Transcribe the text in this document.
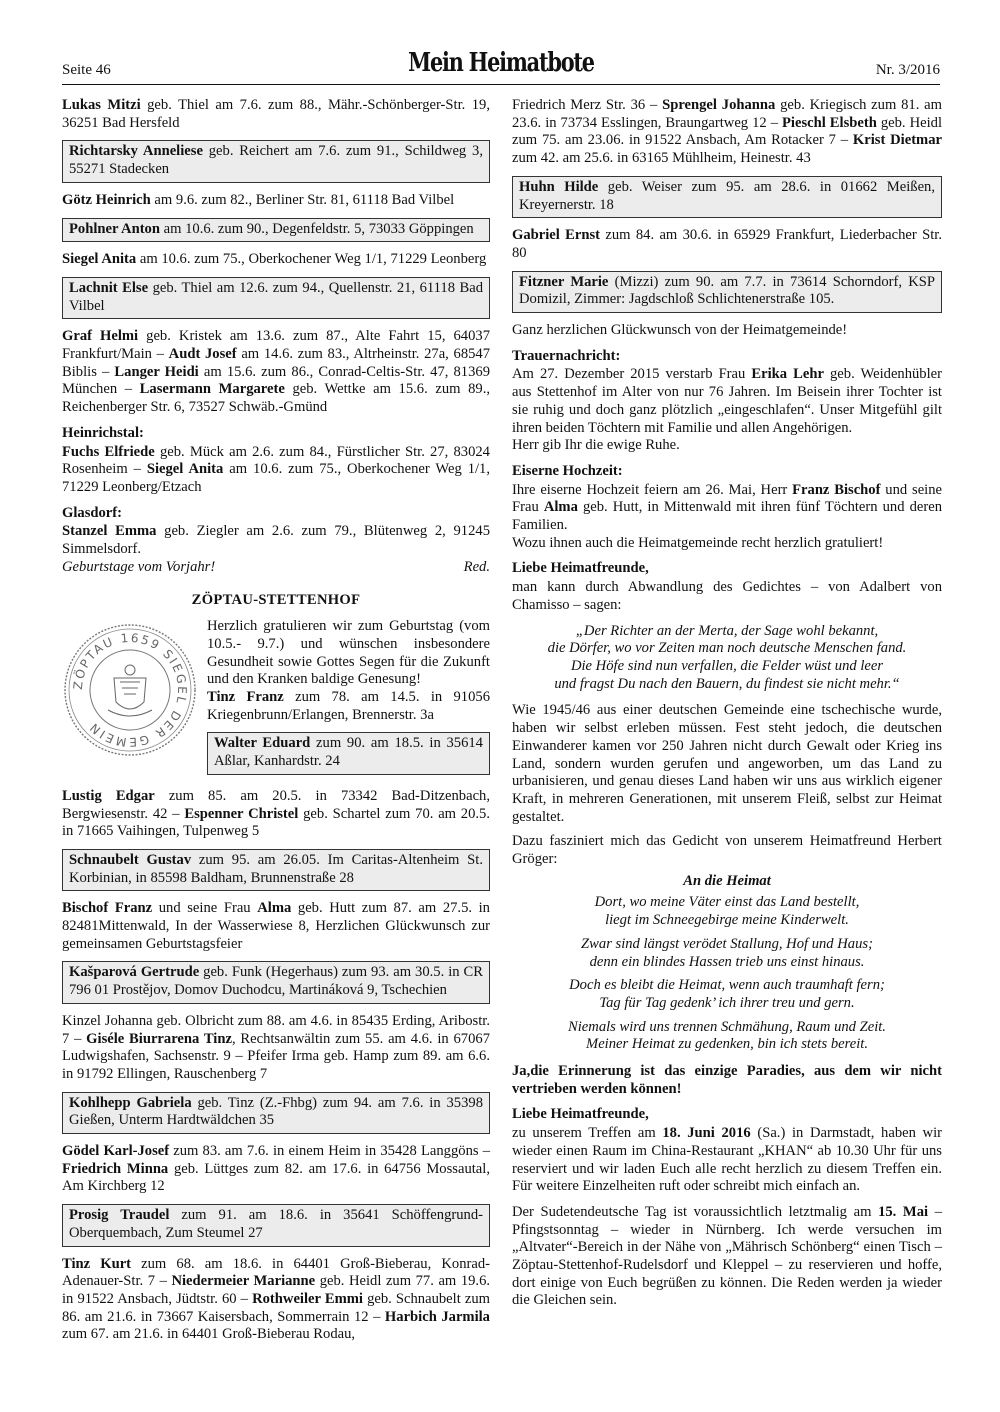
Seite 46	Mein Heimatbote	Nr. 3/2016

Lukas Mitzi geb. Thiel am 7.6. zum 88., Mähr.-Schönberger-Str. 19, 36251 Bad Hersfeld

Richtarsky Anneliese geb. Reichert am 7.6. zum 91., Schildweg 3, 55271 Stadecken

Götz Heinrich am 9.6. zum 82., Berliner Str. 81, 61118 Bad Vilbel

Pohlner Anton am 10.6. zum 90., Degenfeldstr. 5, 73033 Göppingen

Siegel Anita am 10.6. zum 75., Oberkochener Weg 1/1, 71229 Leonberg

Lachnit Else geb. Thiel am 12.6. zum 94., Quellenstr. 21, 61118 Bad Vilbel

Graf Helmi geb. Kristek am 13.6. zum 87., Alte Fahrt 15, 64037 Frankfurt/Main – Audt Josef am 14.6. zum 83., Altrheinstr. 27a, 68547 Biblis – Langer Heidi am 15.6. zum 86., Conrad-Celtis-Str. 47, 81369 München – Lasermann Margarete geb. Wettke am 15.6. zum 89., Reichenberger Str. 6, 73527 Schwäb.-Gmünd

Heinrichstal:
Fuchs Elfriede geb. Mück am 2.6. zum 84., Fürstlicher Str. 27, 83024 Rosenheim – Siegel Anita am 10.6. zum 75., Oberkochener Weg 1/1, 71229 Leonberg/Etzach
Glasdorf:
Stanzel Emma geb. Ziegler am 2.6. zum 79., Blütenweg 2, 91245 Simmelsdorf.
Geburtstage vom Vorjahr!	Red.
ZÖPTAU-STETTENHOF
ZÖPTAU 1659 SIEGEL DER GEMEIN
Herzlich gratulieren wir zum Geburtstag (vom 10.5.- 9.7.) und wünschen insbesondere Gesundheit sowie Gottes Segen für die Zukunft und den Kranken baldige Genesung!
Tinz Franz zum 78. am 14.5. in 91056 Kriegenbrunn/Erlangen, Brennerstr. 3a
Walter Eduard zum 90. am 18.5. in 35614 Aßlar, Kanhardstr. 24

Lustig Edgar zum 85. am 20.5. in 73342 Bad-Ditzenbach, Bergwiesenstr. 42 – Espenner Christel geb. Schartel zum 70. am 20.5. in 71665 Vaihingen, Tulpenweg 5

Schnaubelt Gustav zum 95. am 26.05. Im Caritas-Altenheim St. Korbinian, in 85598 Baldham, Brunnenstraße 28

Bischof Franz und seine Frau Alma geb. Hutt zum 87. am 27.5. in 82481Mittenwald, In der Wasserwiese 8, Herzlichen Glückwunsch zur gemeinsamen Geburtstagsfeier

Kašparová Gertrude geb. Funk (Hegerhaus) zum 93. am 30.5. in CR 796 01 Prostějov, Domov Duchodcu, Martináková 9, Tschechien

Kinzel Johanna geb. Olbricht zum 88. am 4.6. in 85435 Erding, Aribostr. 7 – Giséle Biurrarena Tinz, Rechtsanwältin zum 55. am 4.6. in 67067 Ludwigshafen, Sachsenstr. 9 – Pfeifer Irma geb. Hamp zum 89. am 6.6. in 91792 Ellingen, Rauschenberg 7

Kohlhepp Gabriela geb. Tinz (Z.-Fhbg) zum 94. am 7.6. in 35398 Gießen, Unterm Hardtwäldchen 35

Gödel Karl-Josef zum 83. am 7.6. in einem Heim in 35428 Langgöns – Friedrich Minna geb. Lüttges zum 82. am 17.6. in 64756 Mossautal, Am Kirchberg 12

Prosig Traudel zum 91. am 18.6. in 35641 Schöffengrund-Oberquembach, Zum Steumel 27

Tinz Kurt zum 68. am 18.6. in 64401 Groß-Bieberau, Konrad-Adenauer-Str. 7 – Niedermeier Marianne geb. Heidl zum 77. am 19.6. in 91522 Ansbach, Jüdtstr. 60 – Rothweiler Emmi geb. Schnaubelt zum 86. am 21.6. in 73667 Kaisersbach, Sommerrain 12 – Harbich Jarmila zum 67. am 21.6. in 64401 Groß-Bieberau Rodau,

Friedrich Merz Str. 36 – Sprengel Johanna geb. Kriegisch zum 81. am 23.6. in 73734 Esslingen, Braungartweg 12 – Pieschl Elsbeth geb. Heidl zum 75. am 23.06. in 91522 Ansbach, Am Rotacker 7 – Krist Dietmar zum 42. am 25.6. in 63165 Mühlheim, Heinestr. 43

Huhn Hilde geb. Weiser zum 95. am 28.6. in 01662 Meißen, Kreyernerstr. 18

Gabriel Ernst zum 84. am 30.6. in 65929 Frankfurt, Liederbacher Str. 80

Fitzner Marie (Mizzi) zum 90. am 7.7. in 73614 Schorndorf, KSP Domizil, Zimmer: Jagdschloß Schlichtenerstraße 105.

Ganz herzlichen Glückwunsch von der Heimatgemeinde!

Trauernachricht:
Am 27. Dezember 2015 verstarb Frau Erika Lehr geb. Weidenhübler aus Stettenhof im Alter von nur 76 Jahren. Im Beisein ihrer Tochter ist sie ruhig und doch ganz plötzlich „eingeschlafen“. Unser Mitgefühl gilt ihren beiden Töchtern mit Familie und allen Angehörigen.
Herr gib Ihr die ewige Ruhe.
Eiserne Hochzeit:
Ihre eiserne Hochzeit feiern am 26. Mai, Herr Franz Bischof und seine Frau Alma geb. Hutt, in Mittenwald mit ihren fünf Töchtern und deren Familien.
Wozu ihnen auch die Heimatgemeinde recht herzlich gratuliert!
Liebe Heimatfreunde,
man kann durch Abwandlung des Gedichtes – von Adalbert von Chamisso – sagen:
„Der Richter an der Merta, der Sage wohl bekannt,
die Dörfer, wo vor Zeiten man noch deutsche Menschen fand.
Die Höfe sind nun verfallen, die Felder wüst und leer
und fragst Du nach den Bauern, du findest sie nicht mehr.“

Wie 1945/46 aus einer deutschen Gemeinde eine tschechische wurde, haben wir selbst erleben müssen. Fest steht jedoch, die deutschen Einwanderer kamen vor 250 Jahren nicht durch Gewalt oder Krieg ins Land, sondern wurden gerufen und angeworben, um das Land zu urbanisieren, und genau dieses Land haben wir uns aus wirklich eigener Kraft, in mehreren Generationen, mit unserem Fleiß, selbst zur Heimat gestaltet.

Dazu fasziniert mich das Gedicht von unserem Heimatfreund Herbert Gröger:

An die Heimat
Dort, wo meine Väter einst das Land bestellt,
liegt im Schneegebirge meine Kinderwelt.
Zwar sind längst verödet Stallung, Hof und Haus;
denn ein blindes Hassen trieb uns einst hinaus.
Doch es bleibt die Heimat, wenn auch traumhaft fern;
Tag für Tag gedenk’ ich ihrer treu und gern.
Niemals wird uns trennen Schmähung, Raum und Zeit.
Meiner Heimat zu gedenken, bin ich stets bereit.
Ja,die Erinnerung ist das einzige Paradies, aus dem wir nicht vertrieben werden können!
Liebe Heimatfreunde,
zu unserem Treffen am 18. Juni 2016 (Sa.) in Darmstadt, haben wir wieder einen Raum im China-Restaurant „KHAN“ ab 10.30 Uhr für uns reserviert und wir laden Euch alle recht herzlich zu diesem Treffen ein. Für weitere Einzelheiten ruft oder schreibt mich einfach an.

Der Sudetendeutsche Tag ist voraussichtlich letztmalig am 15. Mai – Pfingstsonntag – wieder in Nürnberg. Ich werde versuchen im „Altvater“-Bereich in der Nähe von „Mährisch Schönberg“ einen Tisch – Zöptau-Stettenhof-Rudelsdorf und Kleppel – zu reservieren und hoffe, dort einige von Euch begrüßen zu können. Die Reden werden ja wieder die Gleichen sein.
